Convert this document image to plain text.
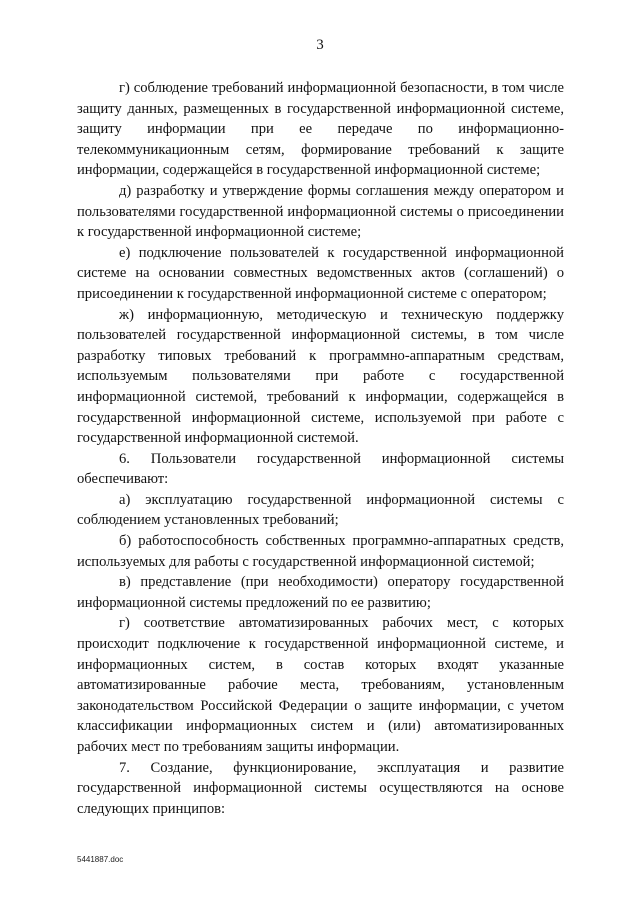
3

г) соблюдение требований информационной безопасности, в том числе защиту данных, размещенных в государственной информационной системе, защиту информации при ее передаче по информационно-телекоммуникационным сетям, формирование требований к защите информации, содержащейся в государственной информационной системе;

д) разработку и утверждение формы соглашения между оператором и пользователями государственной информационной системы о присоединении к государственной информационной системе;

е) подключение пользователей к государственной информационной системе на основании совместных ведомственных актов (соглашений) о присоединении к государственной информационной системе с оператором;

ж) информационную, методическую и техническую поддержку пользователей государственной информационной системы, в том числе разработку типовых требований к программно-аппаратным средствам, используемым пользователями при работе с государственной информационной системой, требований к информации, содержащейся в государственной информационной системе, используемой при работе с государственной информационной системой.

6. Пользователи государственной информационной системы обеспечивают:

а) эксплуатацию государственной информационной системы с соблюдением установленных требований;

б) работоспособность собственных программно-аппаратных средств, используемых для работы с государственной информационной системой;

в) представление (при необходимости) оператору государственной информационной системы предложений по ее развитию;

г) соответствие автоматизированных рабочих мест, с которых происходит подключение к государственной информационной системе, и информационных систем, в состав которых входят указанные автоматизированные рабочие места, требованиям, установленным законодательством Российской Федерации о защите информации, с учетом классификации информационных систем и (или) автоматизированных рабочих мест по требованиям защиты информации.

7. Создание, функционирование, эксплуатация и развитие государственной информационной системы осуществляются на основе следующих принципов:

5441887.doc
